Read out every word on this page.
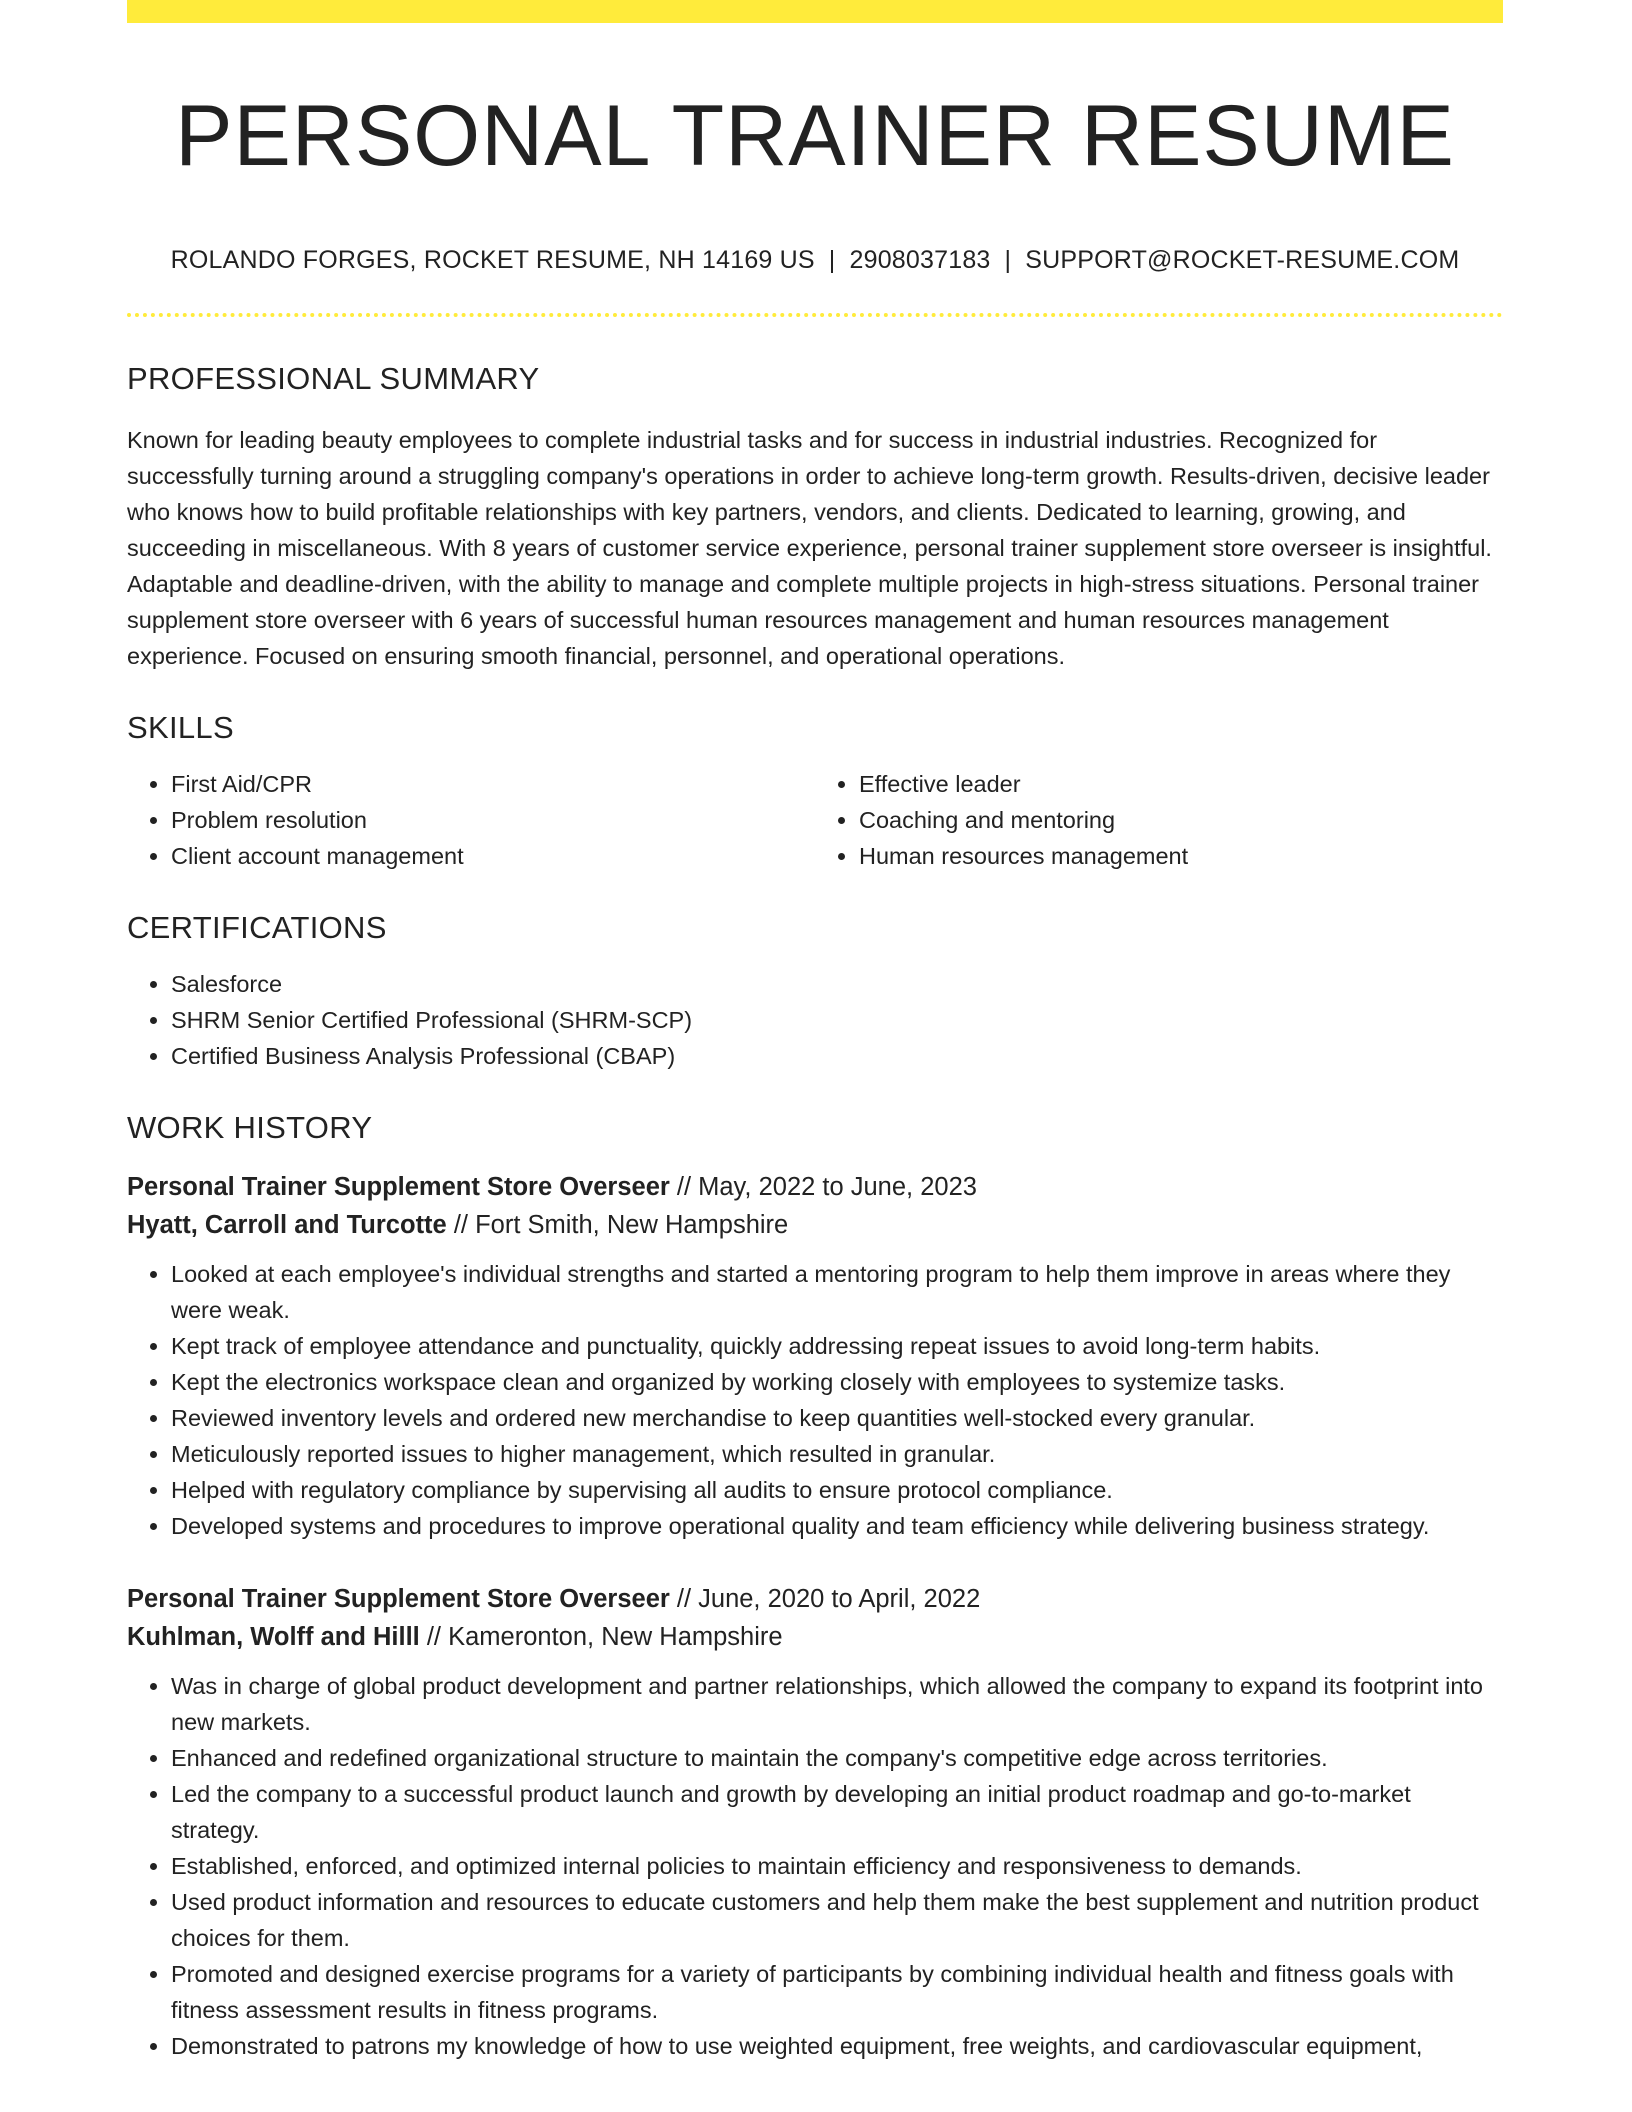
PERSONAL TRAINER RESUME
ROLANDO FORGES, ROCKET RESUME, NH 14169 US | 2908037183 | SUPPORT@ROCKET-RESUME.COM
PROFESSIONAL SUMMARY
Known for leading beauty employees to complete industrial tasks and for success in industrial industries. Recognized for successfully turning around a struggling company's operations in order to achieve long-term growth. Results-driven, decisive leader who knows how to build profitable relationships with key partners, vendors, and clients. Dedicated to learning, growing, and succeeding in miscellaneous. With 8 years of customer service experience, personal trainer supplement store overseer is insightful. Adaptable and deadline-driven, with the ability to manage and complete multiple projects in high-stress situations. Personal trainer supplement store overseer with 6 years of successful human resources management and human resources management experience. Focused on ensuring smooth financial, personnel, and operational operations.
SKILLS
• First Aid/CPR
• Problem resolution
• Client account management
• Effective leader
• Coaching and mentoring
• Human resources management
CERTIFICATIONS
• Salesforce
• SHRM Senior Certified Professional (SHRM-SCP)
• Certified Business Analysis Professional (CBAP)
WORK HISTORY
Personal Trainer Supplement Store Overseer // May, 2022 to June, 2023
Hyatt, Carroll and Turcotte // Fort Smith, New Hampshire
• Looked at each employee's individual strengths and started a mentoring program to help them improve in areas where they were weak.
• Kept track of employee attendance and punctuality, quickly addressing repeat issues to avoid long-term habits.
• Kept the electronics workspace clean and organized by working closely with employees to systemize tasks.
• Reviewed inventory levels and ordered new merchandise to keep quantities well-stocked every granular.
• Meticulously reported issues to higher management, which resulted in granular.
• Helped with regulatory compliance by supervising all audits to ensure protocol compliance.
• Developed systems and procedures to improve operational quality and team efficiency while delivering business strategy.
Personal Trainer Supplement Store Overseer // June, 2020 to April, 2022
Kuhlman, Wolff and Hilll // Kameronton, New Hampshire
• Was in charge of global product development and partner relationships, which allowed the company to expand its footprint into new markets.
• Enhanced and redefined organizational structure to maintain the company's competitive edge across territories.
• Led the company to a successful product launch and growth by developing an initial product roadmap and go-to-market strategy.
• Established, enforced, and optimized internal policies to maintain efficiency and responsiveness to demands.
• Used product information and resources to educate customers and help them make the best supplement and nutrition product choices for them.
• Promoted and designed exercise programs for a variety of participants by combining individual health and fitness goals with fitness assessment results in fitness programs.
• Demonstrated to patrons my knowledge of how to use weighted equipment, free weights, and cardiovascular equipment,
